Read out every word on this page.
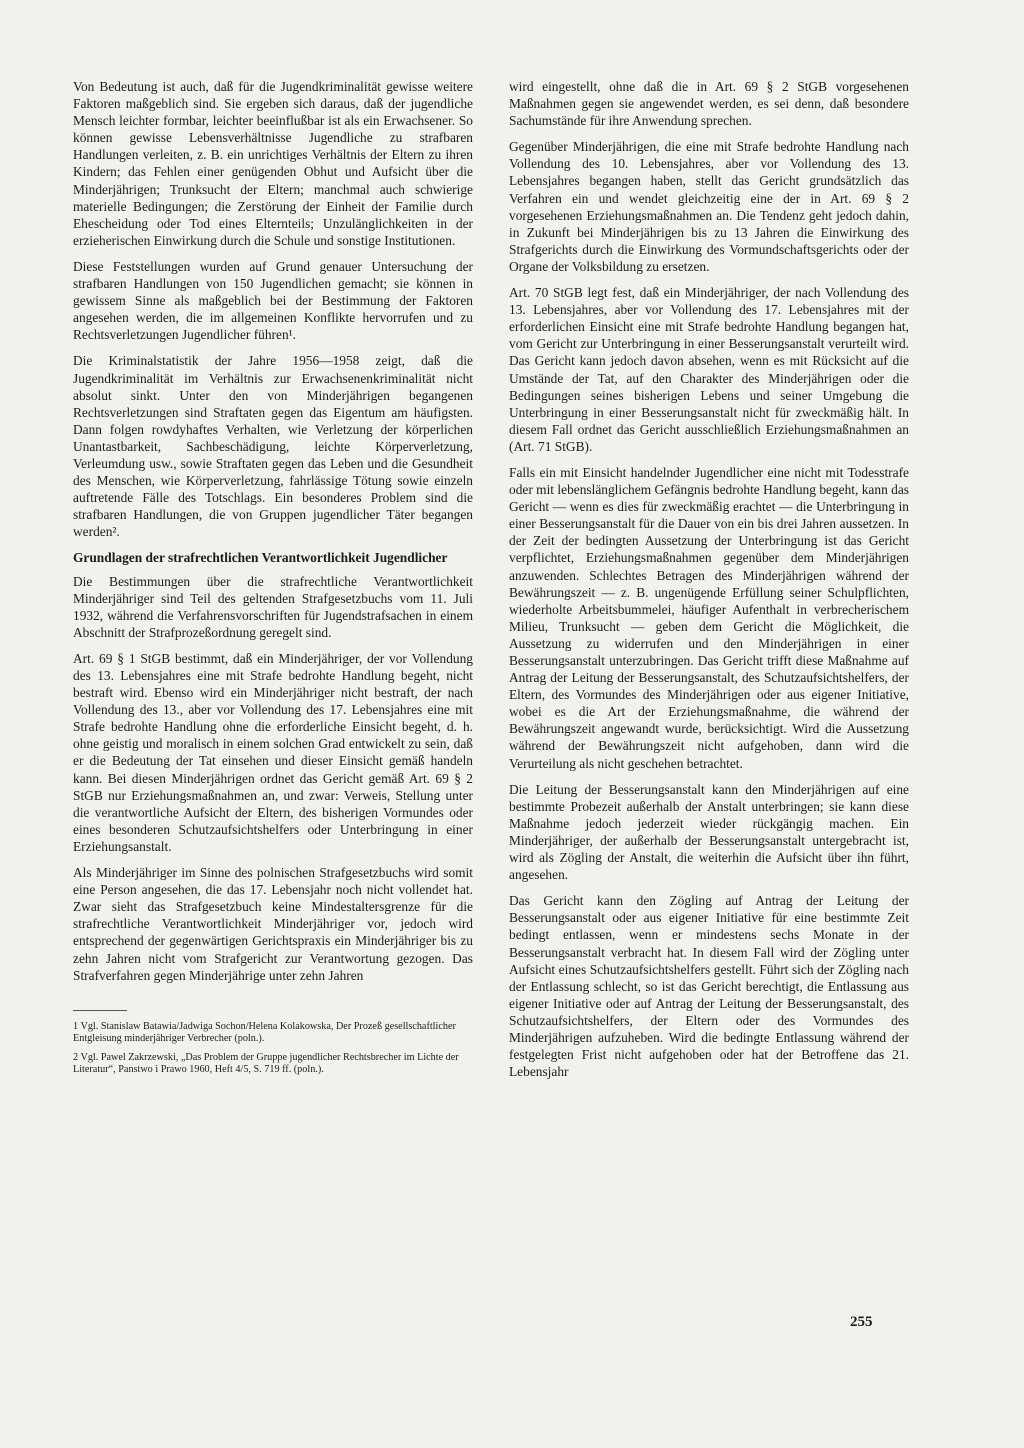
Von Bedeutung ist auch, daß für die Jugendkriminalität gewisse weitere Faktoren maßgeblich sind. Sie ergeben sich daraus, daß der jugendliche Mensch leichter formbar, leichter beeinflußbar ist als ein Erwachsener. So können gewisse Lebensverhältnisse Jugendliche zu strafbaren Handlungen verleiten, z. B. ein unrichtiges Verhältnis der Eltern zu ihren Kindern; das Fehlen einer genügenden Obhut und Aufsicht über die Minderjährigen; Trunksucht der Eltern; manchmal auch schwierige materielle Bedingungen; die Zerstörung der Einheit der Familie durch Ehescheidung oder Tod eines Elternteils; Unzulänglichkeiten in der erzieherischen Einwirkung durch die Schule und sonstige Institutionen.

Diese Feststellungen wurden auf Grund genauer Untersuchung der strafbaren Handlungen von 150 Jugendlichen gemacht; sie können in gewissem Sinne als maßgeblich bei der Bestimmung der Faktoren angesehen werden, die im allgemeinen Konflikte hervorrufen und zu Rechtsverletzungen Jugendlicher führen¹.

Die Kriminalstatistik der Jahre 1956—1958 zeigt, daß die Jugendkriminalität im Verhältnis zur Erwachsenenkriminalität nicht absolut sinkt. Unter den von Minderjährigen begangenen Rechtsverletzungen sind Straftaten gegen das Eigentum am häufigsten. Dann folgen rowdyhaftes Verhalten, wie Verletzung der körperlichen Unantastbarkeit, Sachbeschädigung, leichte Körperverletzung, Verleumdung usw., sowie Straftaten gegen das Leben und die Gesundheit des Menschen, wie Körperverletzung, fahrlässige Tötung sowie einzeln auftretende Fälle des Totschlags. Ein besonderes Problem sind die strafbaren Handlungen, die von Gruppen jugendlicher Täter begangen werden².

Grundlagen der strafrechtlichen Verantwortlichkeit Jugendlicher

Die Bestimmungen über die strafrechtliche Verantwortlichkeit Minderjähriger sind Teil des geltenden Strafgesetzbuchs vom 11. Juli 1932, während die Verfahrensvorschriften für Jugendstrafsachen in einem Abschnitt der Strafprozeßordnung geregelt sind.

Art. 69 § 1 StGB bestimmt, daß ein Minderjähriger, der vor Vollendung des 13. Lebensjahres eine mit Strafe bedrohte Handlung begeht, nicht bestraft wird. Ebenso wird ein Minderjähriger nicht bestraft, der nach Vollendung des 13., aber vor Vollendung des 17. Lebensjahres eine mit Strafe bedrohte Handlung ohne die erforderliche Einsicht begeht, d. h. ohne geistig und moralisch in einem solchen Grad entwickelt zu sein, daß er die Bedeutung der Tat einsehen und dieser Einsicht gemäß handeln kann. Bei diesen Minderjährigen ordnet das Gericht gemäß Art. 69 § 2 StGB nur Erziehungsmaßnahmen an, und zwar: Verweis, Stellung unter die verantwortliche Aufsicht der Eltern, des bisherigen Vormundes oder eines besonderen Schutzaufsichtshelfers oder Unterbringung in einer Erziehungsanstalt.

Als Minderjähriger im Sinne des polnischen Strafgesetzbuchs wird somit eine Person angesehen, die das 17. Lebensjahr noch nicht vollendet hat. Zwar sieht das Strafgesetzbuch keine Mindestaltersgrenze für die strafrechtliche Verantwortlichkeit Minderjähriger vor, jedoch wird entsprechend der gegenwärtigen Gerichtspraxis ein Minderjähriger bis zu zehn Jahren nicht vom Strafgericht zur Verantwortung gezogen. Das Strafverfahren gegen Minderjährige unter zehn Jahren

1 Vgl. Stanislaw Batawia/Jadwiga Sochon/Helena Kolakowska, Der Prozeß gesellschaftlicher Entgleisung minderjähriger Verbrecher (poln.).

2 Vgl. Pawel Zakrzewski, „Das Problem der Gruppe jugendlicher Rechtsbrecher im Lichte der Literatur“, Panstwo i Prawo 1960, Heft 4/5, S. 719 ff. (poln.).

wird eingestellt, ohne daß die in Art. 69 § 2 StGB vorgesehenen Maßnahmen gegen sie angewendet werden, es sei denn, daß besondere Sachumstände für ihre Anwendung sprechen.

Gegenüber Minderjährigen, die eine mit Strafe bedrohte Handlung nach Vollendung des 10. Lebensjahres, aber vor Vollendung des 13. Lebensjahres begangen haben, stellt das Gericht grundsätzlich das Verfahren ein und wendet gleichzeitig eine der in Art. 69 § 2 vorgesehenen Erziehungsmaßnahmen an. Die Tendenz geht jedoch dahin, in Zukunft bei Minderjährigen bis zu 13 Jahren die Einwirkung des Strafgerichts durch die Einwirkung des Vormundschaftsgerichts oder der Organe der Volksbildung zu ersetzen.

Art. 70 StGB legt fest, daß ein Minderjähriger, der nach Vollendung des 13. Lebensjahres, aber vor Vollendung des 17. Lebensjahres mit der erforderlichen Einsicht eine mit Strafe bedrohte Handlung begangen hat, vom Gericht zur Unterbringung in einer Besserungsanstalt verurteilt wird. Das Gericht kann jedoch davon absehen, wenn es mit Rücksicht auf die Umstände der Tat, auf den Charakter des Minderjährigen oder die Bedingungen seines bisherigen Lebens und seiner Umgebung die Unterbringung in einer Besserungsanstalt nicht für zweckmäßig hält. In diesem Fall ordnet das Gericht ausschließlich Erziehungsmaßnahmen an (Art. 71 StGB).

Falls ein mit Einsicht handelnder Jugendlicher eine nicht mit Todesstrafe oder mit lebenslänglichem Gefängnis bedrohte Handlung begeht, kann das Gericht — wenn es dies für zweckmäßig erachtet — die Unterbringung in einer Besserungsanstalt für die Dauer von ein bis drei Jahren aussetzen. In der Zeit der bedingten Aussetzung der Unterbringung ist das Gericht verpflichtet, Erziehungsmaßnahmen gegenüber dem Minderjährigen anzuwenden. Schlechtes Betragen des Minderjährigen während der Bewährungszeit — z. B. ungenügende Erfüllung seiner Schulpflichten, wiederholte Arbeitsbummelei, häufiger Aufenthalt in verbrecherischem Milieu, Trunksucht — geben dem Gericht die Möglichkeit, die Aussetzung zu widerrufen und den Minderjährigen in einer Besserungsanstalt unterzubringen. Das Gericht trifft diese Maßnahme auf Antrag der Leitung der Besserungsanstalt, des Schutzaufsichtshelfers, der Eltern, des Vormundes des Minderjährigen oder aus eigener Initiative, wobei es die Art der Erziehungsmaßnahme, die während der Bewährungszeit angewandt wurde, berücksichtigt. Wird die Aussetzung während der Bewährungszeit nicht aufgehoben, dann wird die Verurteilung als nicht geschehen betrachtet.

Die Leitung der Besserungsanstalt kann den Minderjährigen auf eine bestimmte Probezeit außerhalb der Anstalt unterbringen; sie kann diese Maßnahme jedoch jederzeit wieder rückgängig machen. Ein Minderjähriger, der außerhalb der Besserungsanstalt untergebracht ist, wird als Zögling der Anstalt, die weiterhin die Aufsicht über ihn führt, angesehen.

Das Gericht kann den Zögling auf Antrag der Leitung der Besserungsanstalt oder aus eigener Initiative für eine bestimmte Zeit bedingt entlassen, wenn er mindestens sechs Monate in der Besserungsanstalt verbracht hat. In diesem Fall wird der Zögling unter Aufsicht eines Schutzaufsichtshelfers gestellt. Führt sich der Zögling nach der Entlassung schlecht, so ist das Gericht berechtigt, die Entlassung aus eigener Initiative oder auf Antrag der Leitung der Besserungsanstalt, des Schutzaufsichtshelfers, der Eltern oder des Vormundes des Minderjährigen aufzuheben. Wird die bedingte Entlassung während der festgelegten Frist nicht aufgehoben oder hat der Betroffene das 21. Lebensjahr

255
